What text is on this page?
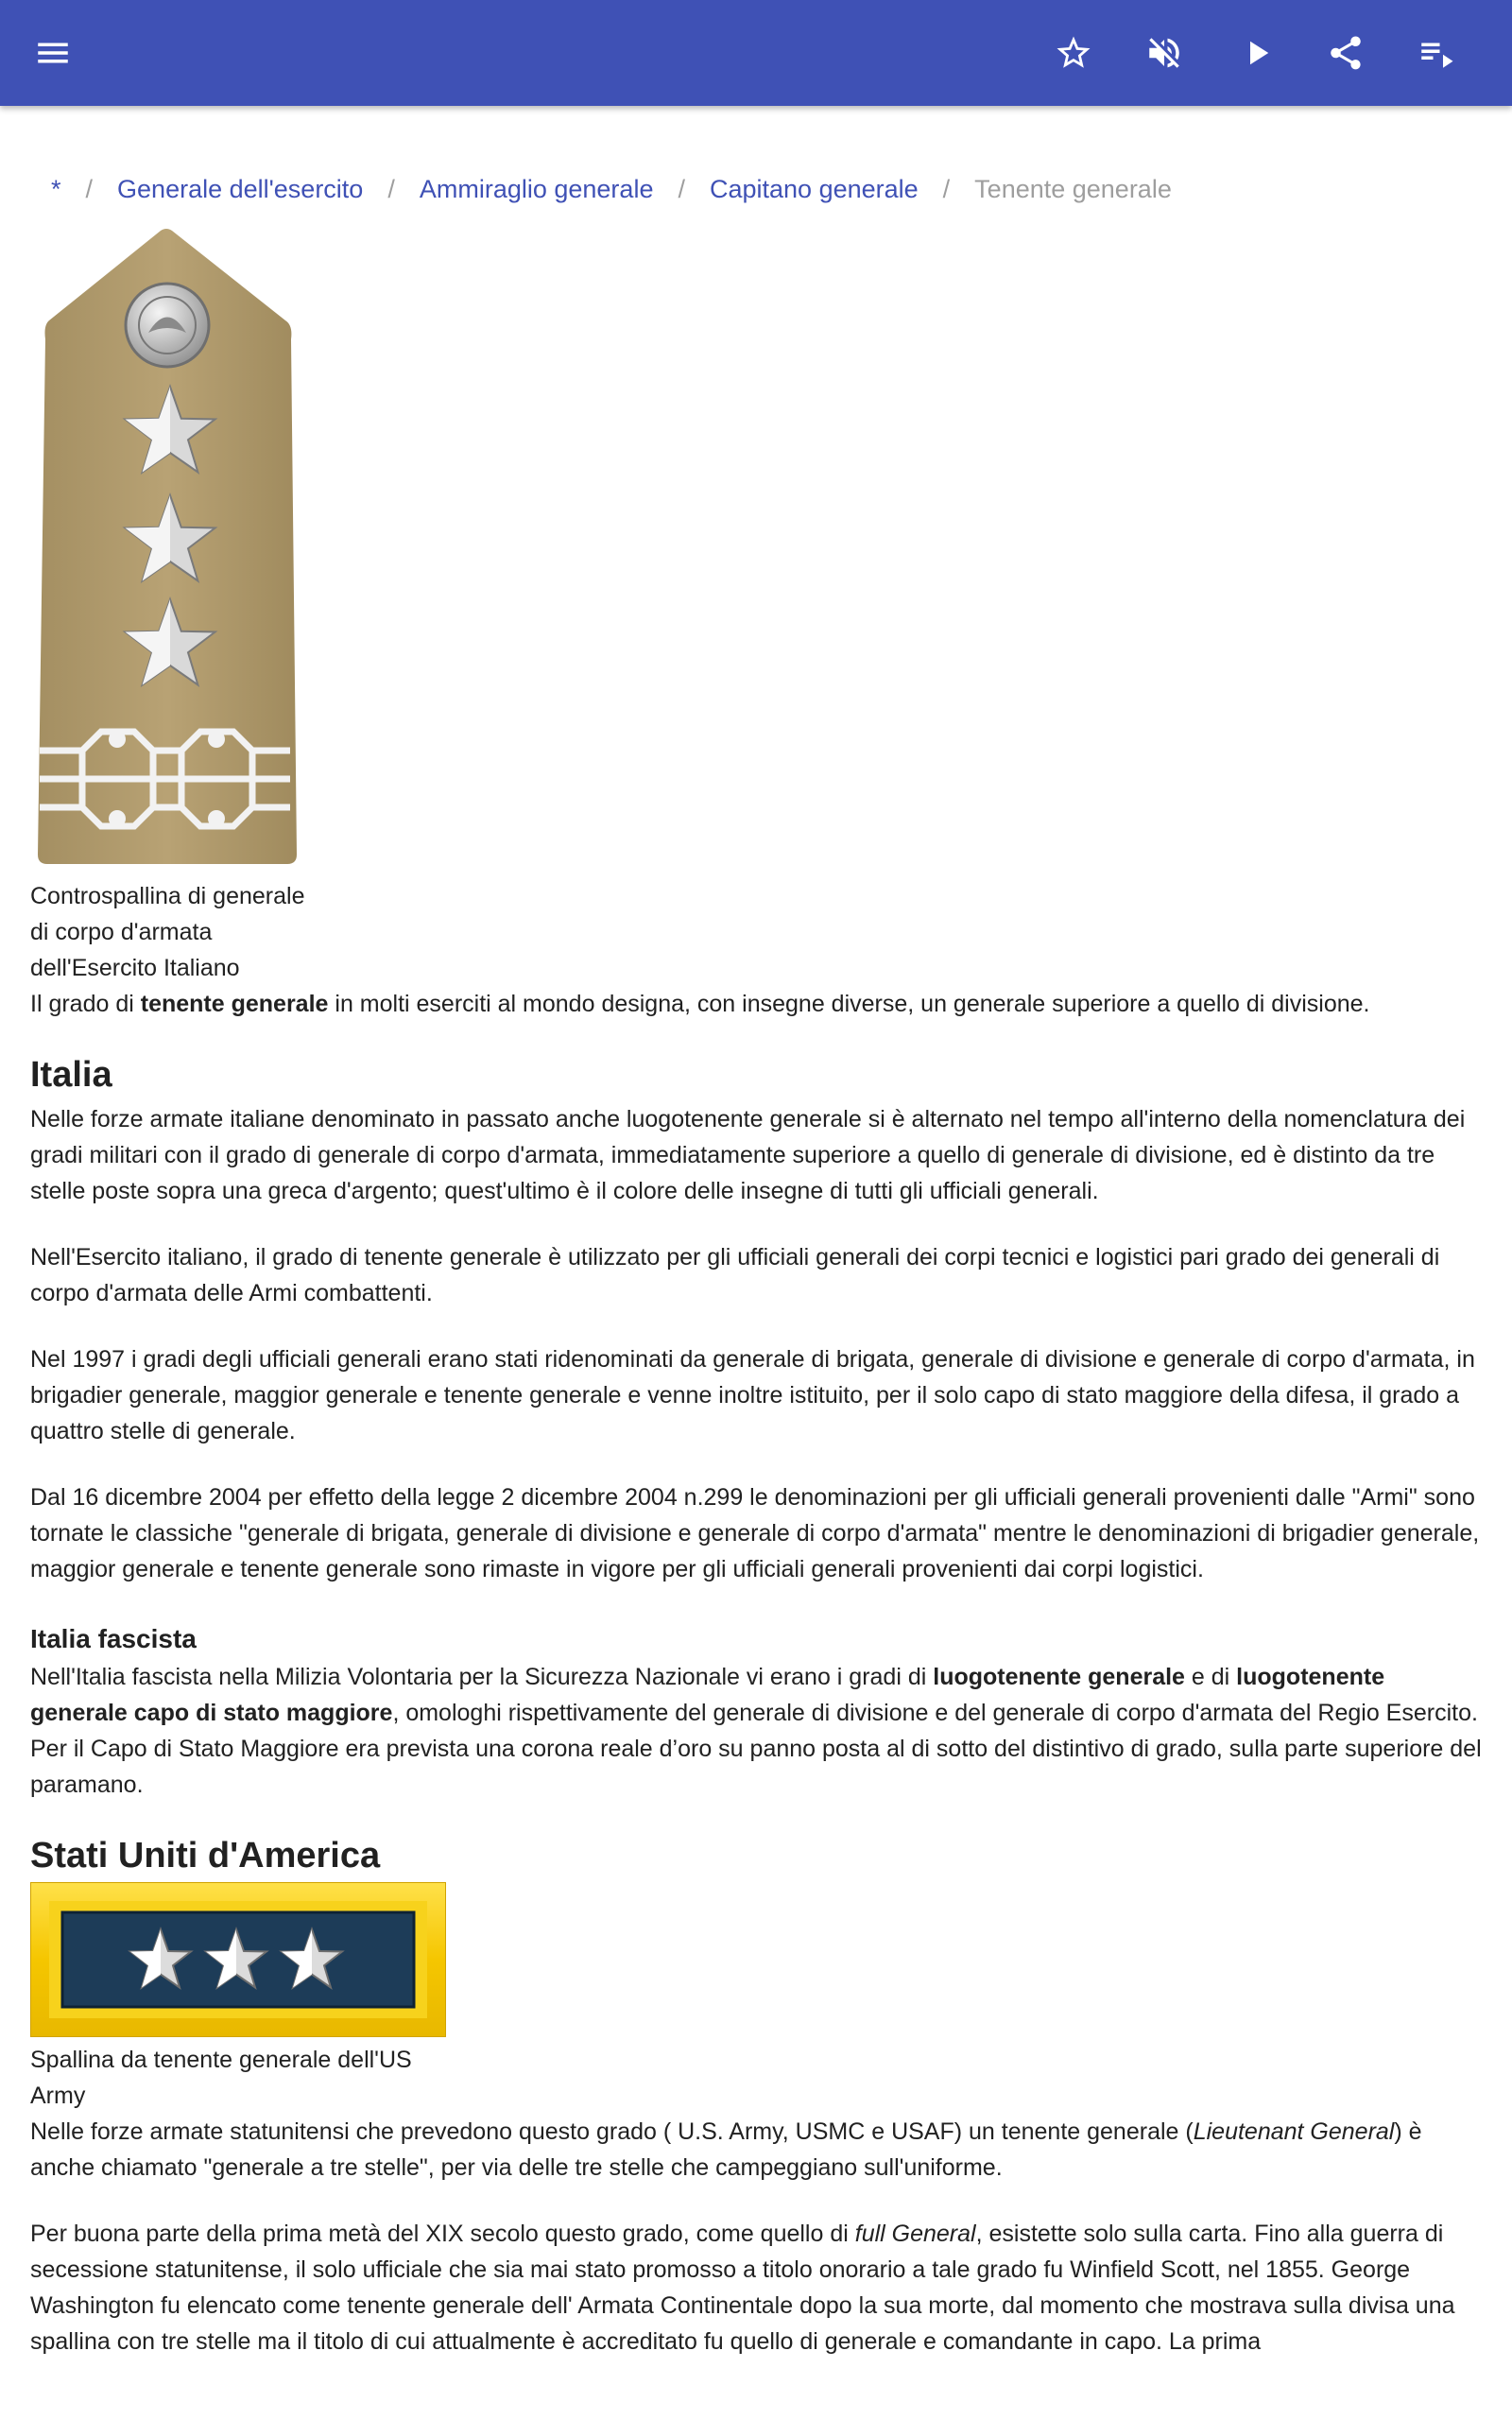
* / Generale dell'esercito / Ammiraglio generale / Capitano generale / Tenente generale
Controspallina di generale
di corpo d'armata
dell'Esercito Italiano

Il grado di tenente generale in molti eserciti al mondo designa, con insegne diverse, un generale superiore a quello di divisione.

Italia

Nelle forze armate italiane denominato in passato anche luogotenente generale si è alternato nel tempo all'interno della nomenclatura dei gradi militari con il grado di generale di corpo d'armata, immediatamente superiore a quello di generale di divisione, ed è distinto da tre stelle poste sopra una greca d'argento; quest'ultimo è il colore delle insegne di tutti gli ufficiali generali.

Nell'Esercito italiano, il grado di tenente generale è utilizzato per gli ufficiali generali dei corpi tecnici e logistici pari grado dei generali di corpo d'armata delle Armi combattenti.

Nel 1997 i gradi degli ufficiali generali erano stati ridenominati da generale di brigata, generale di divisione e generale di corpo d'armata, in brigadier generale, maggior generale e tenente generale e venne inoltre istituito, per il solo capo di stato maggiore della difesa, il grado a quattro stelle di generale.

Dal 16 dicembre 2004 per effetto della legge 2 dicembre 2004 n.299 le denominazioni per gli ufficiali generali provenienti dalle "Armi" sono tornate le classiche "generale di brigata, generale di divisione e generale di corpo d'armata" mentre le denominazioni di brigadier generale, maggior generale e tenente generale sono rimaste in vigore per gli ufficiali generali provenienti dai corpi logistici.

Italia fascista

Nell'Italia fascista nella Milizia Volontaria per la Sicurezza Nazionale vi erano i gradi di luogotenente generale e di luogotenente generale capo di stato maggiore, omologhi rispettivamente del generale di divisione e del generale di corpo d'armata del Regio Esercito. Per il Capo di Stato Maggiore era prevista una corona reale d’oro su panno posta al di sotto del distintivo di grado, sulla parte superiore del paramano.

Stati Uniti d'America
Spallina da tenente generale dell'US
Army

Nelle forze armate statunitensi che prevedono questo grado ( U.S. Army, USMC e USAF) un tenente generale (Lieutenant General) è anche chiamato "generale a tre stelle", per via delle tre stelle che campeggiano sull'uniforme.

Per buona parte della prima metà del XIX secolo questo grado, come quello di full General, esistette solo sulla carta. Fino alla guerra di secessione statunitense, il solo ufficiale che sia mai stato promosso a titolo onorario a tale grado fu Winfield Scott, nel 1855. George Washington fu elencato come tenente generale dell' Armata Continentale dopo la sua morte, dal momento che mostrava sulla divisa una spallina con tre stelle ma il titolo di cui attualmente è accreditato fu quello di generale e comandante in capo. La prima
